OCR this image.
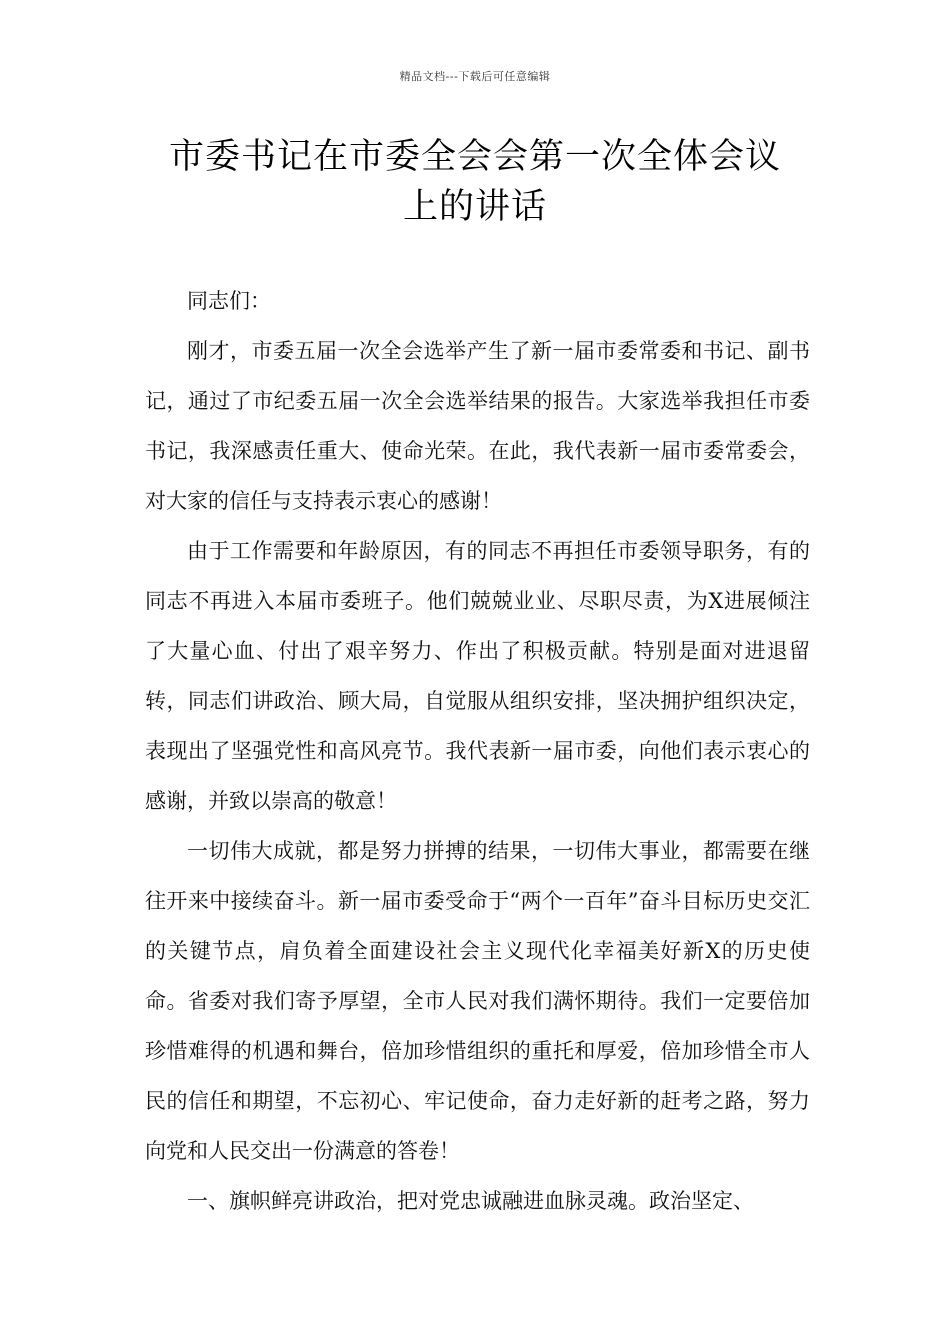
精品文档---下载后可任意编辑
市委书记在市委全会会第一次全体会议
上的讲话

同志们：

刚才，市委五届一次全会选举产生了新一届市委常委和书记、副书记，通过了市纪委五届一次全会选举结果的报告。大家选举我担任市委书记，我深感责任重大、使命光荣。在此，我代表新一届市委常委会，对大家的信任与支持表示衷心的感谢！

由于工作需要和年龄原因，有的同志不再担任市委领导职务，有的同志不再进入本届市委班子。他们兢兢业业、尽职尽责，为X进展倾注了大量心血、付出了艰辛努力、作出了积极贡献。特别是面对进退留转，同志们讲政治、顾大局，自觉服从组织安排，坚决拥护组织决定，表现出了坚强党性和高风亮节。我代表新一届市委，向他们表示衷心的感谢，并致以崇高的敬意！

一切伟大成就，都是努力拼搏的结果，一切伟大事业，都需要在继往开来中接续奋斗。新一届市委受命于“两个一百年”奋斗目标历史交汇的关键节点，肩负着全面建设社会主义现代化幸福美好新X的历史使命。省委对我们寄予厚望，全市人民对我们满怀期待。我们一定要倍加珍惜难得的机遇和舞台，倍加珍惜组织的重托和厚爱，倍加珍惜全市人民的信任和期望，不忘初心、牢记使命，奋力走好新的赶考之路，努力向党和人民交出一份满意的答卷！

一、旗帜鲜亮讲政治，把对党忠诚融进血脉灵魂。政治坚定、
